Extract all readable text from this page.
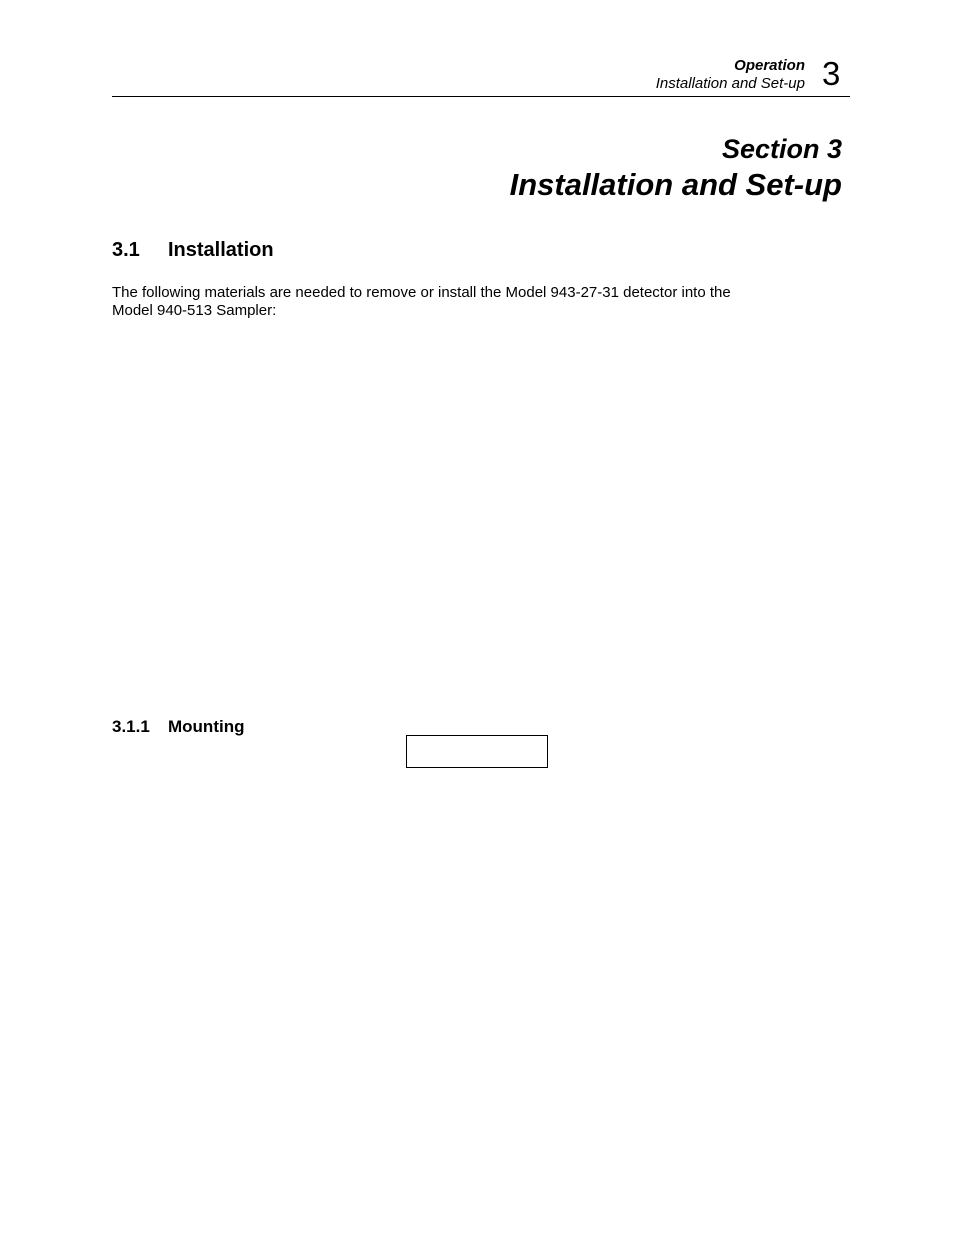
Operation
Installation and Set-up 3
Section 3
Installation and Set-up
3.1 Installation
The following materials are needed to remove or install the Model 943-27-31 detector into the
Model 940-513 Sampler:
3.1.1 Mounting
